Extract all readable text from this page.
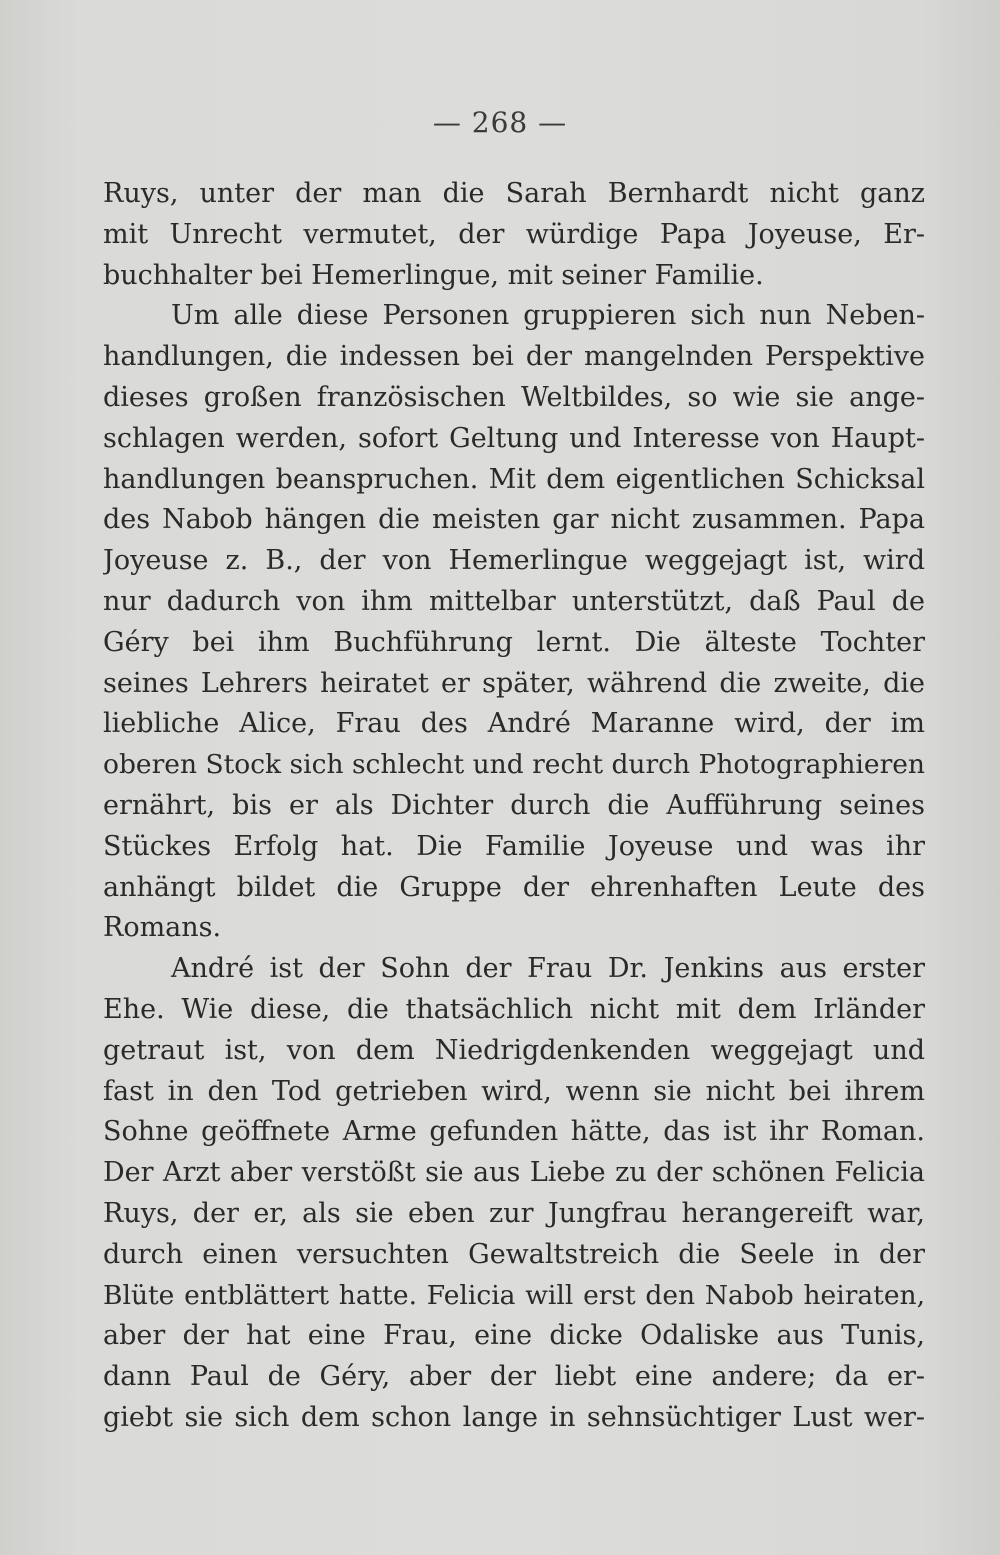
— 268 —
Ruys, unter der man die Sarah Bernhardt nicht ganz
mit Unrecht vermutet, der würdige Papa Joyeuse, Er-
buchhalter bei Hemerlingue, mit seiner Familie.
Um alle diese Personen gruppieren sich nun Neben-
handlungen, die indessen bei der mangelnden Perspektive
dieses großen französischen Weltbildes, so wie sie ange-
schlagen werden, sofort Geltung und Interesse von Haupt-
handlungen beanspruchen. Mit dem eigentlichen Schicksal
des Nabob hängen die meisten gar nicht zusammen. Papa
Joyeuse z. B., der von Hemerlingue weggejagt ist, wird
nur dadurch von ihm mittelbar unterstützt, daß Paul de
Géry bei ihm Buchführung lernt. Die älteste Tochter
seines Lehrers heiratet er später, während die zweite, die
liebliche Alice, Frau des André Maranne wird, der im
oberen Stock sich schlecht und recht durch Photographieren
ernährt, bis er als Dichter durch die Aufführung seines
Stückes Erfolg hat. Die Familie Joyeuse und was ihr
anhängt bildet die Gruppe der ehrenhaften Leute des
Romans.
André ist der Sohn der Frau Dr. Jenkins aus erster
Ehe. Wie diese, die thatsächlich nicht mit dem Irländer
getraut ist, von dem Niedrigdenkenden weggejagt und
fast in den Tod getrieben wird, wenn sie nicht bei ihrem
Sohne geöffnete Arme gefunden hätte, das ist ihr Roman.
Der Arzt aber verstößt sie aus Liebe zu der schönen Felicia
Ruys, der er, als sie eben zur Jungfrau herangereift war,
durch einen versuchten Gewaltstreich die Seele in der
Blüte entblättert hatte. Felicia will erst den Nabob heiraten,
aber der hat eine Frau, eine dicke Odaliske aus Tunis,
dann Paul de Géry, aber der liebt eine andere; da er-
giebt sie sich dem schon lange in sehnsüchtiger Lust wer-
